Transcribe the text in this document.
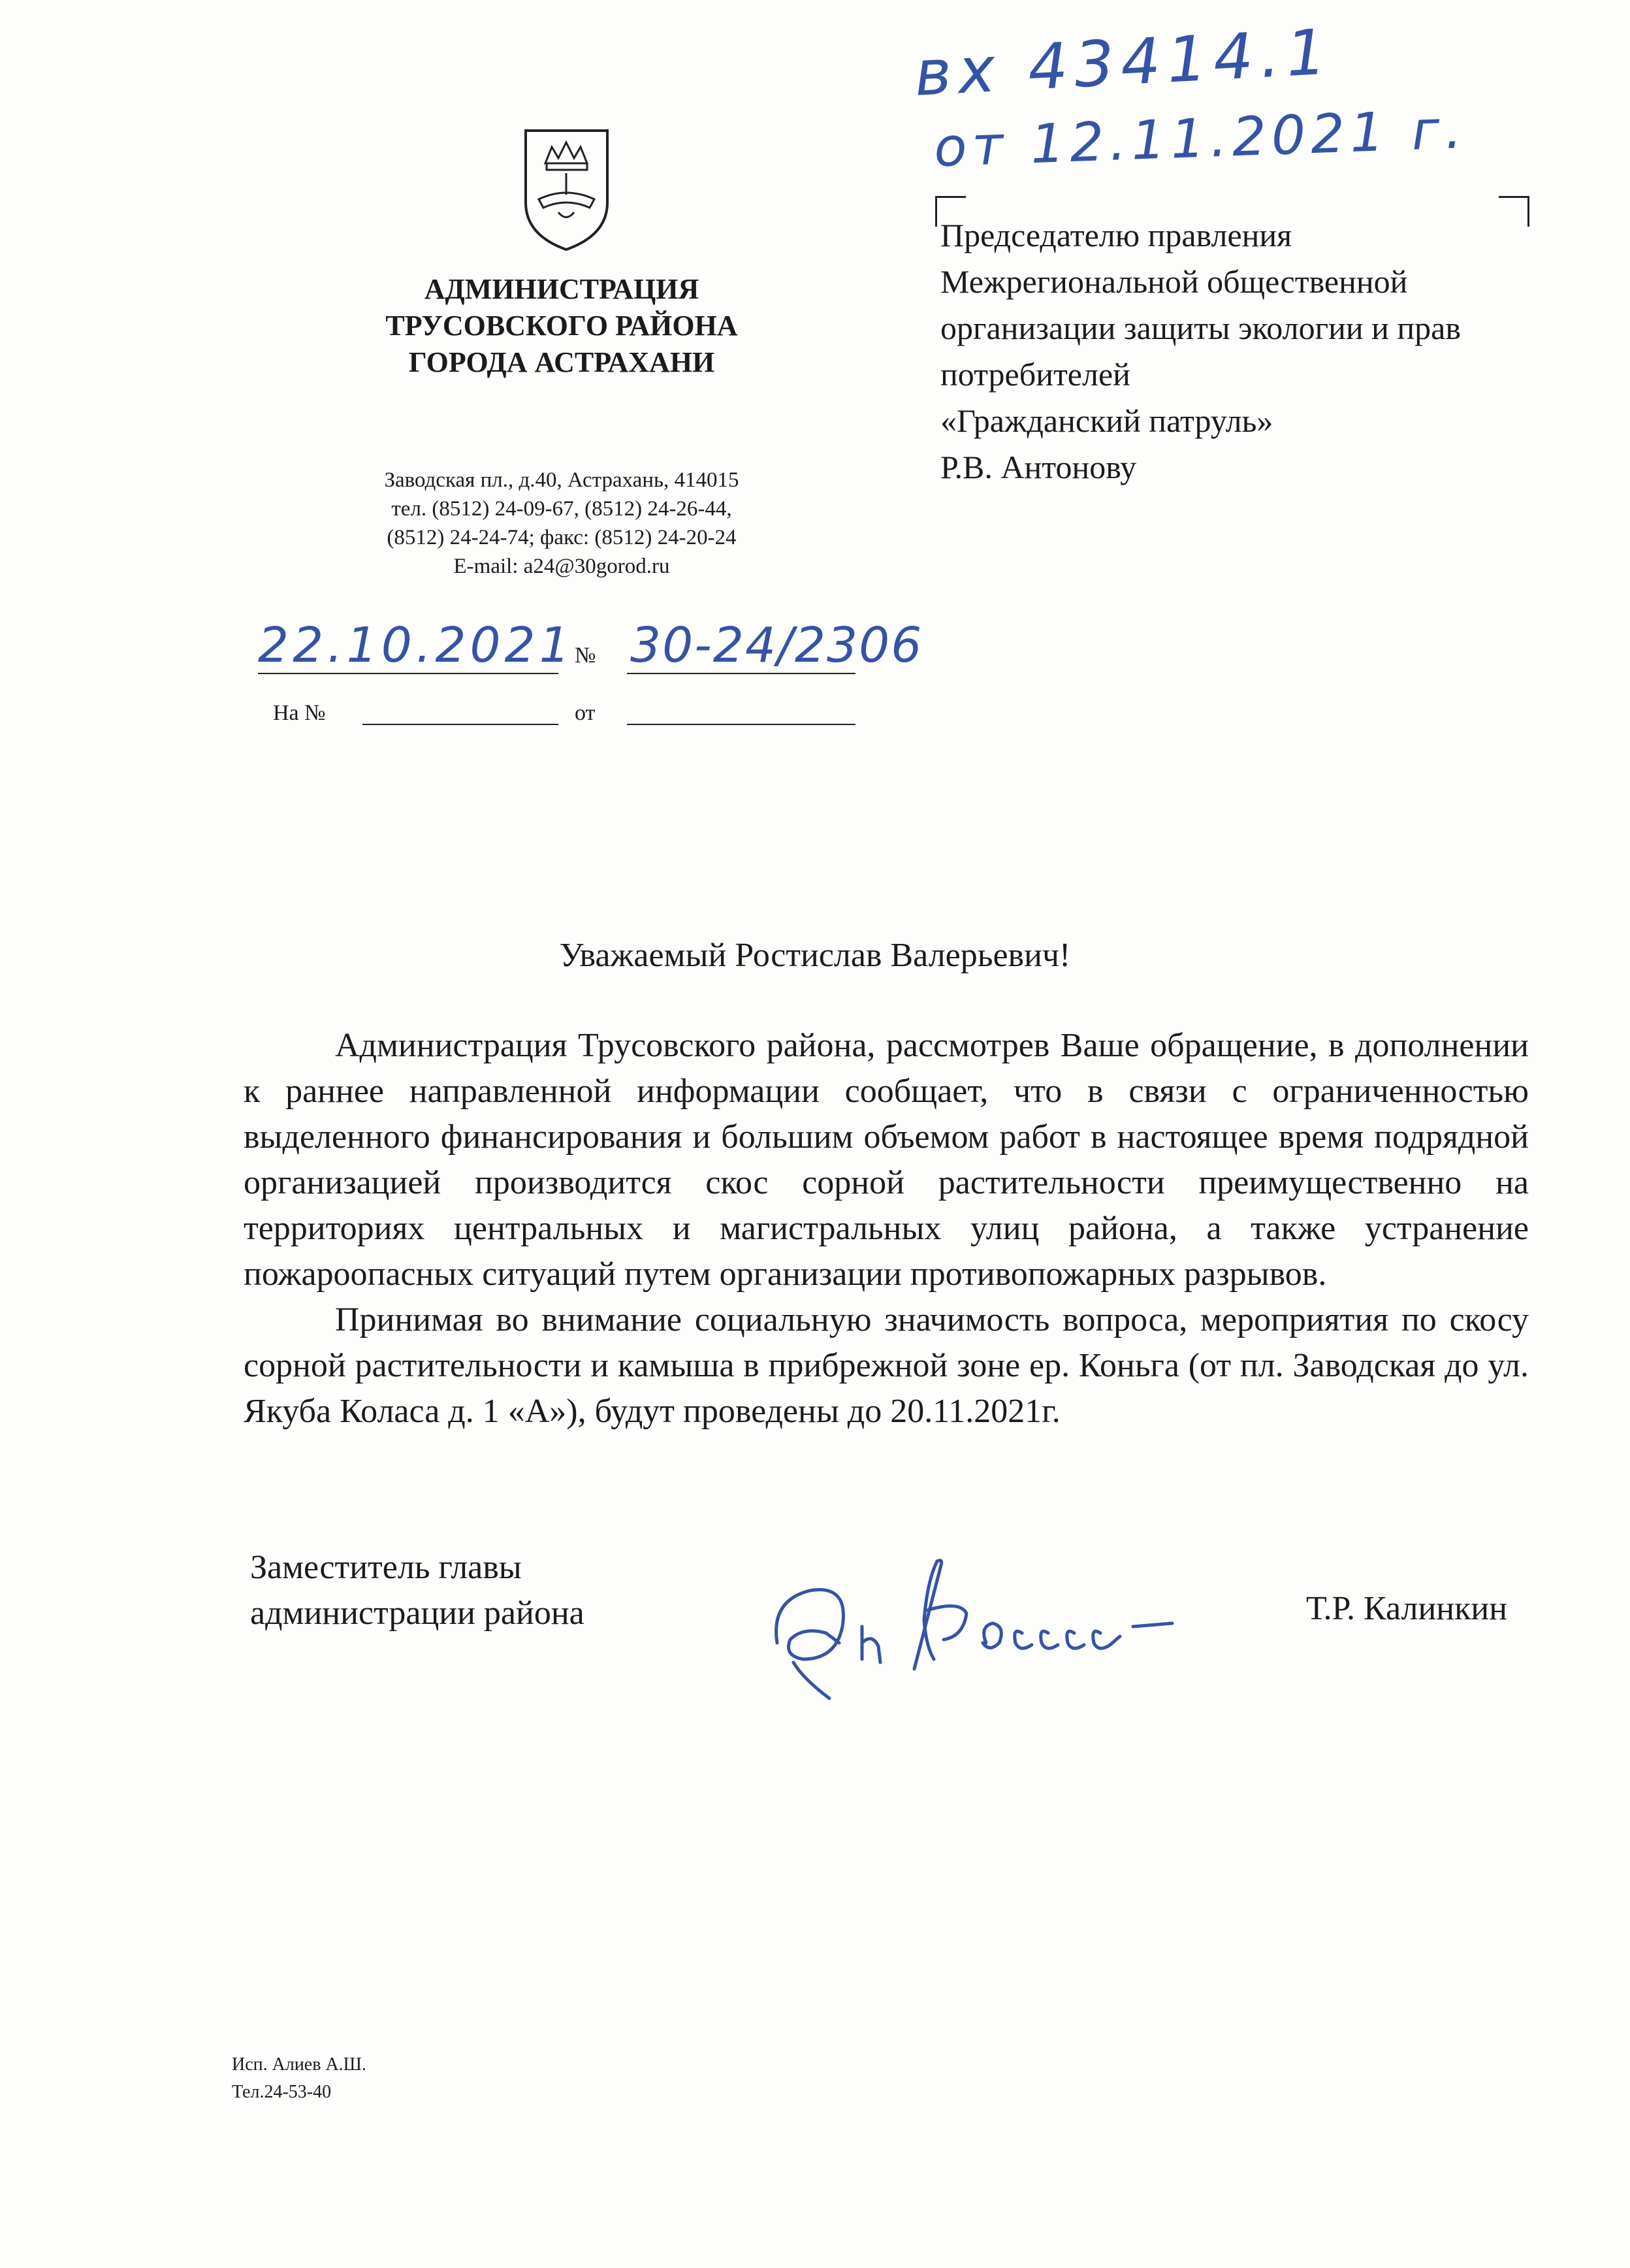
вх 43414.1
от 12.11.2021 г.
АДМИНИСТРАЦИЯ
ТРУСОВСКОГО РАЙОНА
ГОРОДА АСТРАХАНИ
Заводская пл., д.40, Астрахань, 414015
тел. (8512) 24-09-67, (8512) 24-26-44,
(8512) 24-24-74; факс: (8512) 24-20-24
E-mail: a24@30gorod.ru
22.10.2021 № 30-24/2306
На №	от
Председателю правления
Межрегиональной общественной
организации защиты экологии и прав
потребителей
«Гражданский патруль»
Р.В. Антонову
Уважаемый Ростислав Валерьевич!

Администрация Трусовского района, рассмотрев Ваше обращение, в дополнении к раннее направленной информации сообщает, что в связи с ограниченностью выделенного финансирования и большим объемом работ в настоящее время подрядной организацией производится скос сорной растительности преимущественно на территориях центральных и магистральных улиц района, а также устранение пожароопасных ситуаций путем организации противопожарных разрывов.

Принимая во внимание социальную значимость вопроса, мероприятия по скосу сорной растительности и камыша в прибрежной зоне ер. Коньга (от пл. Заводская до ул. Якуба Коласа д. 1 «А»), будут проведены до 20.11.2021г.

Заместитель главы
администрации района	Т.Р. Калинкин
Исп. Алиев А.Ш.
Тел.24-53-40
